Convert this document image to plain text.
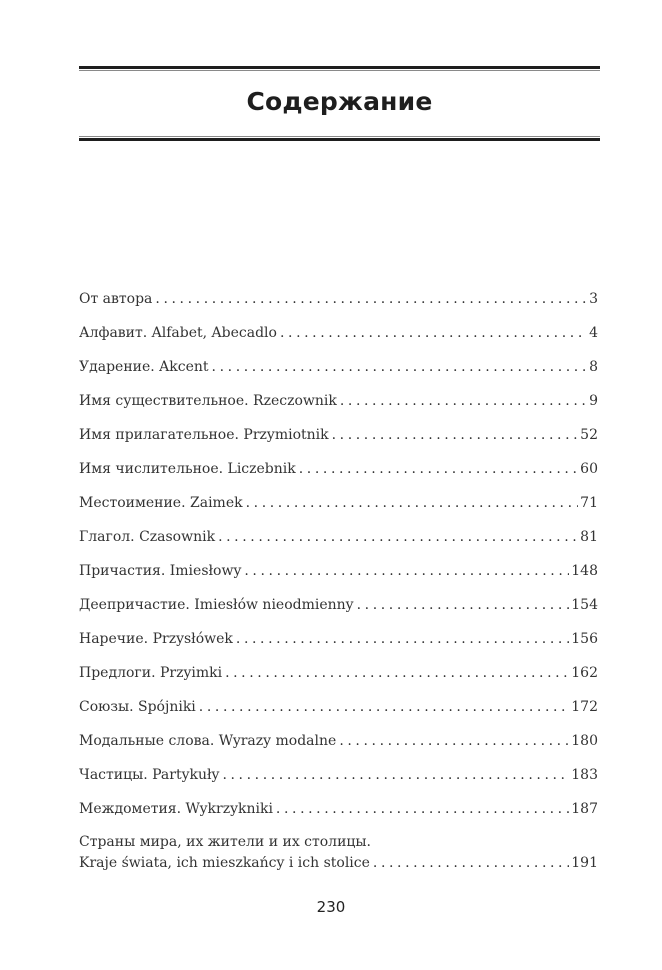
Содержание
От автора .....	3
Алфавит. Alfabet, Abecadlo .....	4
Ударение. Akcent .....	8
Имя существительное. Rzeczownik .....	9
Имя прилагательное. Przymiotnik .....	52
Имя числительное. Liczebnik .....	60
Местоимение. Zaimek .....	71
Глагол. Czasownik .....	81
Причастия. Imiesłowy .....	148
Деепричастие. Imiesłów nieodmienny .....	154
Наречие. Przysłówek .....	156
Предлоги. Przyimki .....	162
Союзы. Spójniki .....	172
Модальные слова. Wyrazy modalne .....	180
Частицы. Partykuły .....	183
Междометия. Wykrzykniki .....	187
Страны мира, их жители и их столицы.
Kraje świata, ich mieszkańcy i ich stolice .....	191
230
